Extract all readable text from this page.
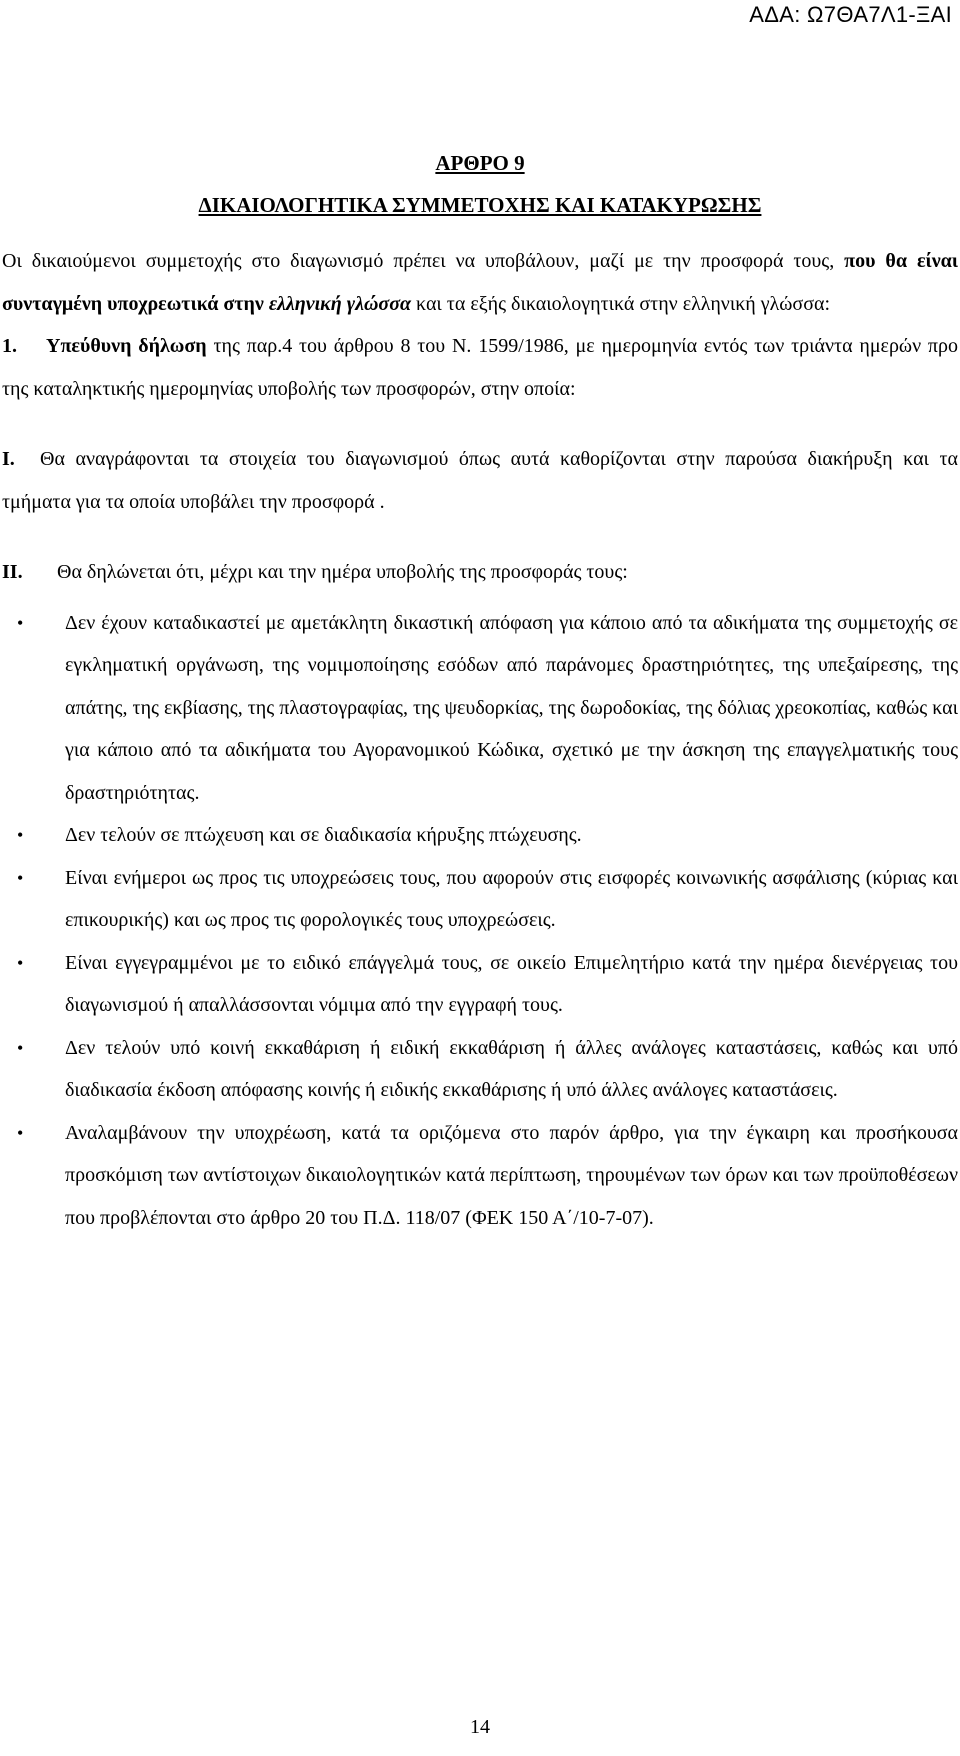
ΑΔΑ: Ω7ΘΑ7Λ1-ΞΑΙ
ΑΡΘΡΟ 9
ΔΙΚΑΙΟΛΟΓΗΤΙΚΑ ΣΥΜΜΕΤΟΧΗΣ ΚΑΙ ΚΑΤΑΚΥΡΩΣΗΣ

Οι δικαιούμενοι συμμετοχής στο διαγωνισμό πρέπει να υποβάλουν, μαζί με την προσφορά τους, που θα είναι συνταγμένη υποχρεωτικά στην ελληνική γλώσσα και τα εξής δικαιολογητικά στην ελληνική γλώσσα:

1. Υπεύθυνη δήλωση της παρ.4 του άρθρου 8 του Ν. 1599/1986, με ημερομηνία εντός των τριάντα ημερών προ της καταληκτικής ημερομηνίας υποβολής των προσφορών, στην οποία:

Ι. Θα αναγράφονται τα στοιχεία του διαγωνισμού όπως αυτά καθορίζονται στην παρούσα διακήρυξη και τα τμήματα για τα οποία υποβάλει την προσφορά .

ΙΙ. Θα δηλώνεται ότι, μέχρι και την ημέρα υποβολής της προσφοράς τους:

• Δεν έχουν καταδικαστεί με αμετάκλητη δικαστική απόφαση για κάποιο από τα αδικήματα της συμμετοχής σε εγκληματική οργάνωση, της νομιμοποίησης εσόδων από παράνομες δραστηριότητες, της υπεξαίρεσης, της απάτης, της εκβίασης, της πλαστογραφίας, της ψευδορκίας, της δωροδοκίας, της δόλιας χρεοκοπίας, καθώς και για κάποιο από τα αδικήματα του Αγορανομικού Κώδικα, σχετικό με την άσκηση της επαγγελματικής τους δραστηριότητας.
• Δεν τελούν σε πτώχευση και σε διαδικασία κήρυξης πτώχευσης.
• Είναι ενήμεροι ως προς τις υποχρεώσεις τους, που αφορούν στις εισφορές κοινωνικής ασφάλισης (κύριας και επικουρικής) και ως προς τις φορολογικές τους υποχρεώσεις.
• Είναι εγγεγραμμένοι με το ειδικό επάγγελμά τους, σε οικείο Επιμελητήριο κατά την ημέρα διενέργειας του διαγωνισμού ή απαλλάσσονται νόμιμα από την εγγραφή τους.
• Δεν τελούν υπό κοινή εκκαθάριση ή ειδική εκκαθάριση ή άλλες ανάλογες καταστάσεις, καθώς και υπό διαδικασία έκδοση απόφασης κοινής ή ειδικής εκκαθάρισης ή υπό άλλες ανάλογες καταστάσεις.
• Αναλαμβάνουν την υποχρέωση, κατά τα οριζόμενα στο παρόν άρθρο, για την έγκαιρη και προσήκουσα προσκόμιση των αντίστοιχων δικαιολογητικών κατά περίπτωση, τηρουμένων των όρων και των προϋποθέσεων που προβλέπονται στο άρθρο 20 του Π.Δ. 118/07 (ΦΕΚ 150 Α΄/10-7-07).
14
